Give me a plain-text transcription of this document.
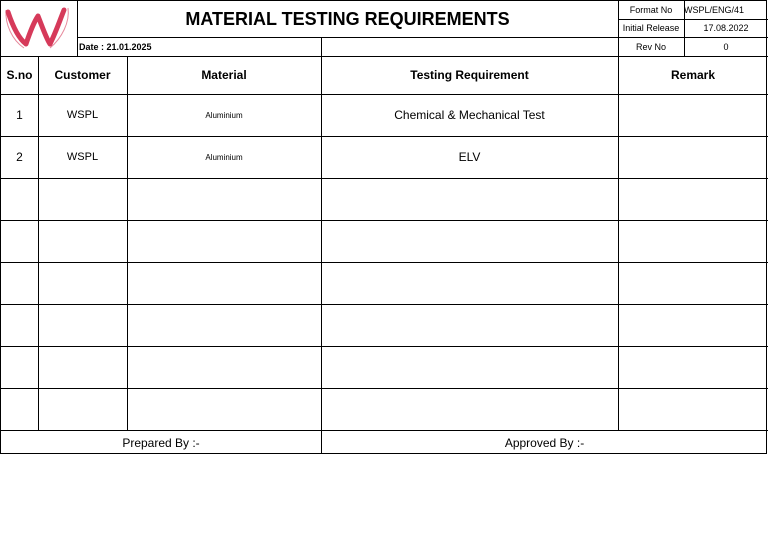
MATERIAL TESTING REQUIREMENTS
Date : 21.01.2025
Format No	WSPL/ENG/41
Initial Release	17.08.2022
Rev No	0
S.no	Customer	Material	Testing Requirement	Remark
1	WSPL	Aluminium	Chemical & Mechanical Test
2	WSPL	Aluminium	ELV
Prepared By :-	Approved By :-
